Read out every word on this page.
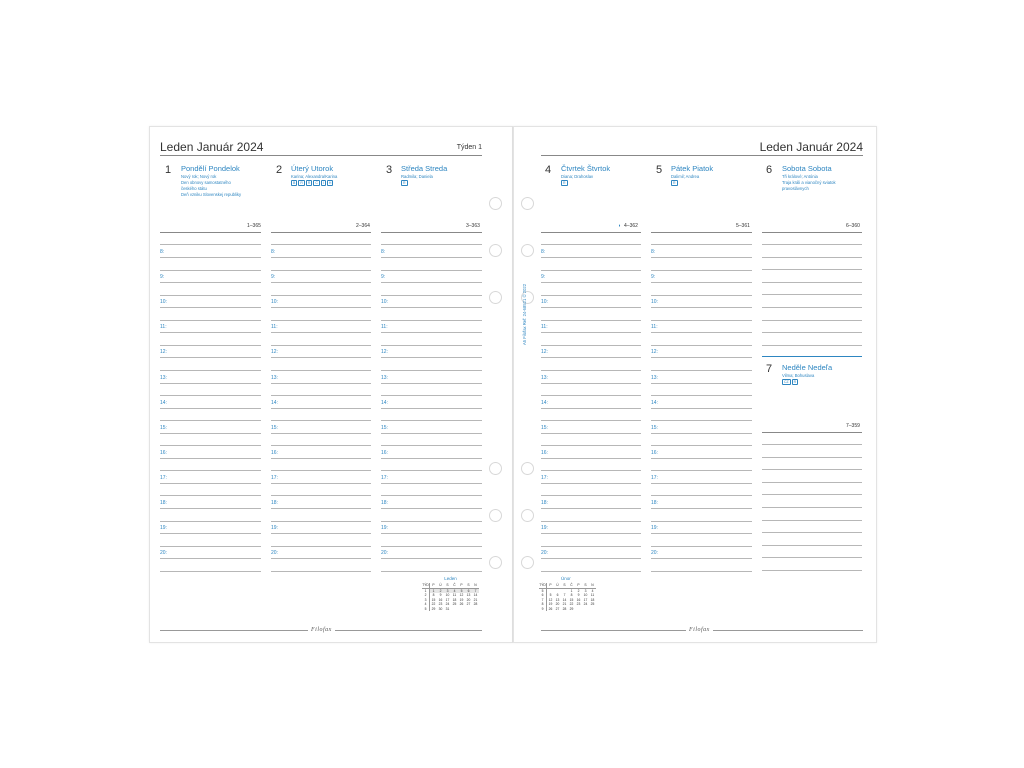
Leden Január 2024	Týden 1
1 Pondělí Pondelok
Nový rok; Nový rok
Den obnovy samostatného
českého státu
Deň vzniku Slovenskej republiky
1–365
2 Úterý Utorok
Karina; Alexandra/Karina
B R R C I H
2–364
3 Středa Streda
Radmila; Daniela
R
3–363
8:
9:
10:
11:
12:
13:
14:
15:
16:
17:
18:
19:
20:
8:
9:
10:
11:
12:
13:
14:
15:
16:
17:
18:
19:
20:
8:
9:
10:
11:
12:
13:
14:
15:
16:
17:
18:
19:
20:
Leden
TÝD	P	Ú	S	Č	P	S	N
1	1	2	3	4	5	6	7
2	8	9	10	11	12	13	14
3	15	16	17	18	19	20	21
4	22	23	24	25	26	27	28
5	29	30	31				
Filofax
Leden Január 2024
4 Čtvrtek Štvrtok
Diana; Drahoslav
R
◗ 4–362
5 Pátek Piatok
Dalimil; Andrea
R
5–361
6 Sobota Sobota
Tři králové; Antónia
Traja králi a vianočný sviatok
pravoslávnych
6–360
7 Neděle Nedeľa
Vilma; Bohuslava
CZ R
7–359
8:
9:
10:
11:
12:
13:
14:
15:
16:
17:
18:
19:
20:
8:
9:
10:
11:
12:
13:
14:
15:
16:
17:
18:
19:
20:
Únor
TÝD	P	Ú	S	Č	P	S	N
5				1	2	3	4
6	5	6	7	8	9	10	11
7	12	13	14	15	16	17	18
8	19	20	21	22	23	24	25
9	26	27	28	29			
Filofax
A5 Filofax Ref: 24-68521 © 2022
